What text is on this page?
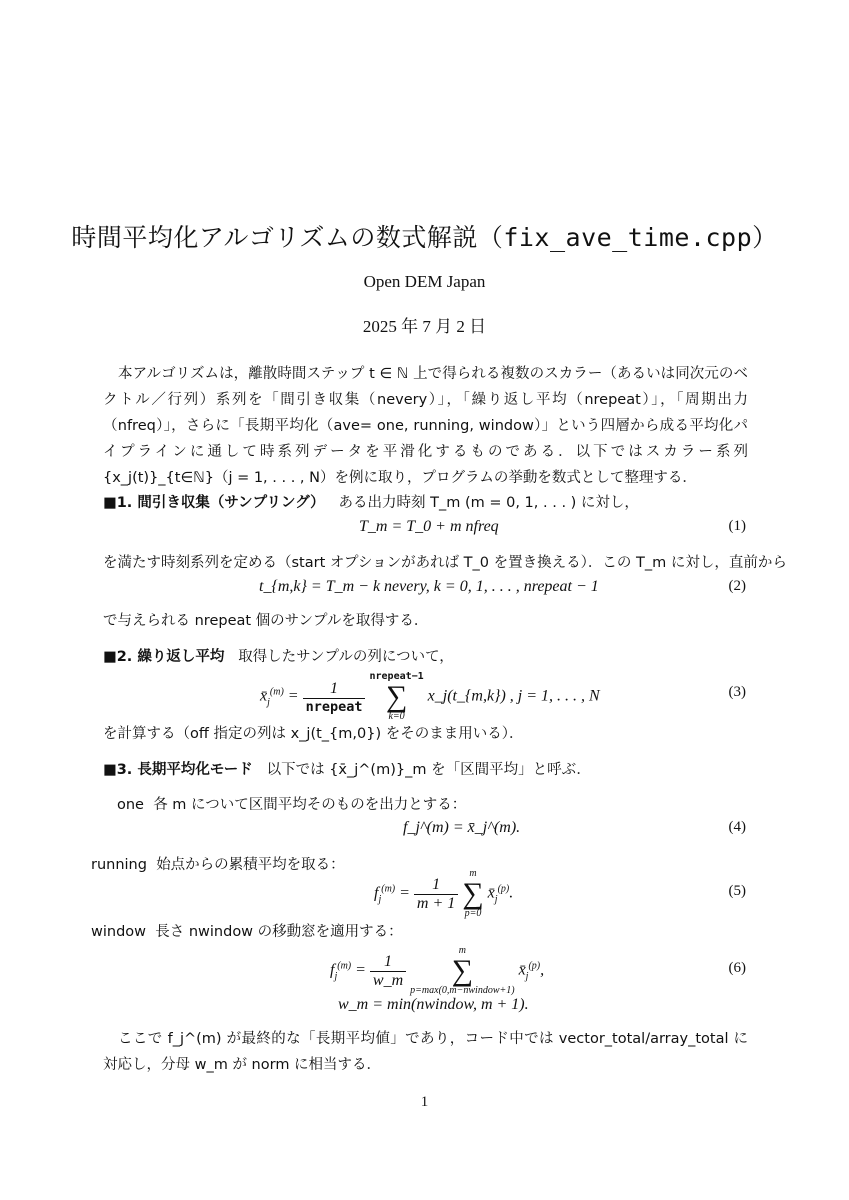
時間平均化アルゴリズムの数式解説（fix_ave_time.cpp）
Open DEM Japan
2025 年 7 月 2 日
本アルゴリズムは，離散時間ステップ t ∈ ℕ 上で得られる複数のスカラー（あるいは同次元のベクトル／行列）系列を「間引き収集（nevery）」，「繰り返し平均（nrepeat）」，「周期出力（nfreq）」，さらに「長期平均化（ave= one, running, window）」という四層から成る平均化パイプラインに通して時系列データを平滑化するものである．以下ではスカラー系列 {x_j(t)}_{t∈ℕ}（j = 1, . . . , N）を例に取り，プログラムの挙動を数式として整理する．
■1. 間引き収集（サンプリング） ある出力時刻 T_m (m = 0, 1, . . . ) に対し，
T_m = T_0 + m nfreq	(1)
を満たす時刻系列を定める（start オプションがあれば T_0 を置き換える）．この T_m に対し，直前から
t_{m,k} = T_m − k nevery, k = 0, 1, . . . , nrepeat − 1	(2)
で与えられる nrepeat 個のサンプルを取得する．
■2. 繰り返し平均 取得したサンプルの列について，
$x̄_j^{(m)} = \frac{1}{\text{nrepeat}}$

nrepeat−1
∑
k=0
x_j(t_{m,k}) , j = 1, . . . , N	(3)
を計算する（off 指定の列は x_j(t_{m,0}) をそのまま用いる）．
■3. 長期平均化モード 以下では {x̄_j^(m)}_m を「区間平均」と呼ぶ．
one 各 m について区間平均そのものを出力とする：
f_j^(m) = x̄_j^(m).	(4)
running 始点からの累積平均を取る：
$f_j^{(m)} = \frac{1}{m + 1}$

m
∑
p=0
$x̄_j^{(p)}$.	(5)
window 長さ nwindow の移動窓を適用する：
$f_j^{(m)} = \frac{1}{w\_m}$

m
∑
p=max(0,m−nwindow+1)
$x̄_j^{(p)}$,	(6)
w_m = min(nwindow, m + 1).
ここで f_j^(m) が最終的な「長期平均値」であり，コード中では vector_total/array_total に対応し，分母 w_m が norm に相当する．
1
